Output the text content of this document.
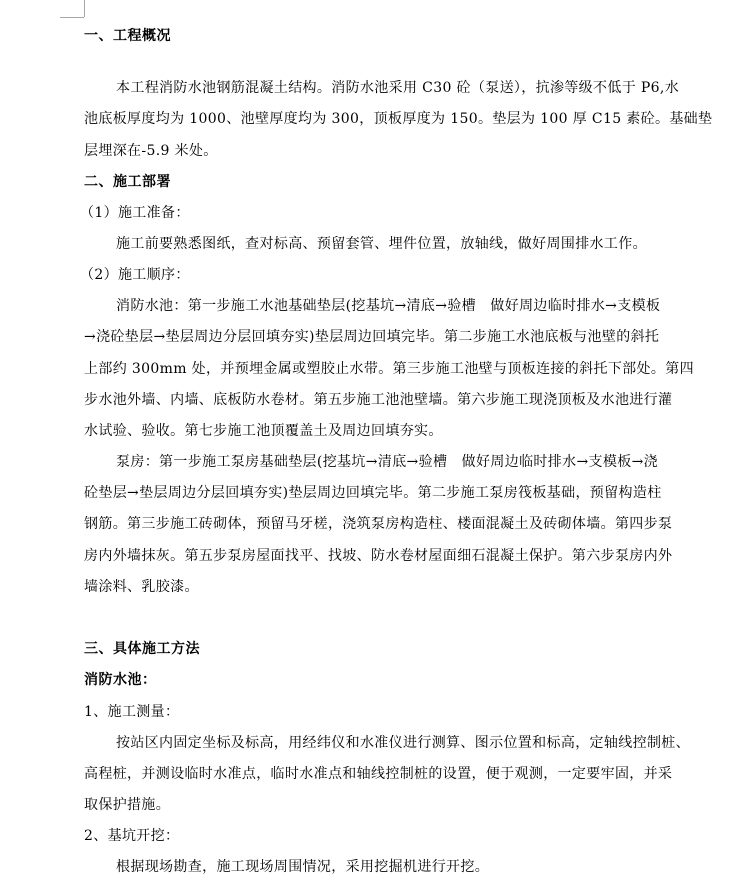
一、工程概况
本工程消防水池钢筋混凝土结构。消防水池采用 C30 砼（泵送），抗渗等级不低于 P6,水
池底板厚度均为 1000、池壁厚度均为 300，顶板厚度为 150。垫层为 100 厚 C15 素砼。基础垫
层埋深在-5.9 米处。
二、施工部署
（1）施工准备：
施工前要熟悉图纸，查对标高、预留套管、埋件位置，放轴线，做好周围排水工作。
（2）施工顺序：
消防水池：第一步施工水池基础垫层(挖基坑→清底→验槽　做好周边临时排水→支模板
→浇砼垫层→垫层周边分层回填夯实)垫层周边回填完毕。第二步施工水池底板与池壁的斜托
上部约 300mm 处，并预埋金属或塑胶止水带。第三步施工池壁与顶板连接的斜托下部处。第四
步水池外墙、内墙、底板防水卷材。第五步施工池池壁墙。第六步施工现浇顶板及水池进行灌
水试验、验收。第七步施工池顶覆盖土及周边回填夯实。
泵房：第一步施工泵房基础垫层(挖基坑→清底→验槽　做好周边临时排水→支模板→浇
砼垫层→垫层周边分层回填夯实)垫层周边回填完毕。第二步施工泵房筏板基础，预留构造柱
钢筋。第三步施工砖砌体，预留马牙槎，浇筑泵房构造柱、楼面混凝土及砖砌体墙。第四步泵
房内外墙抹灰。第五步泵房屋面找平、找坡、防水卷材屋面细石混凝土保护。第六步泵房内外
墙涂料、乳胶漆。
三、具体施工方法
消防水池：
1、施工测量：
按站区内固定坐标及标高，用经纬仪和水准仪进行测算、图示位置和标高，定轴线控制桩、
高程桩，并测设临时水准点，临时水准点和轴线控制桩的设置，便于观测，一定要牢固，并采
取保护措施。
2、基坑开挖：
根据现场勘查，施工现场周围情况，采用挖掘机进行开挖。
